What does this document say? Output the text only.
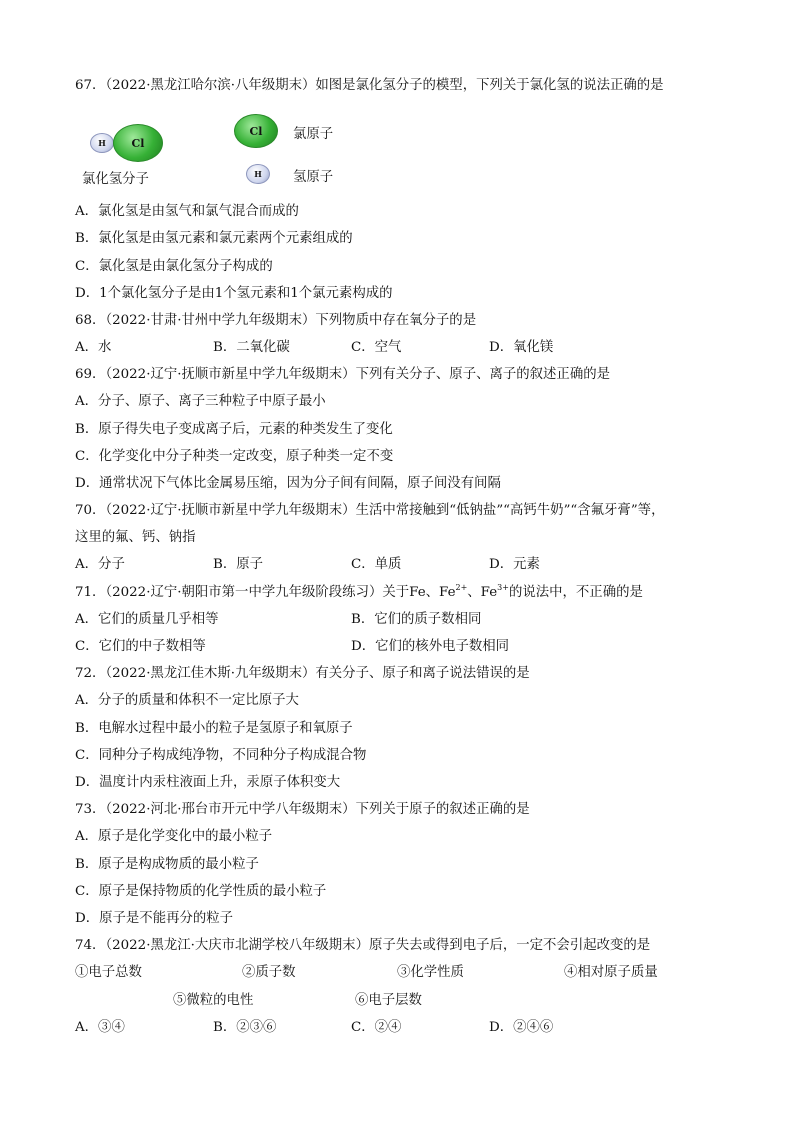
67．（2022·黑龙江哈尔滨·八年级期末）如图是氯化氢分子的模型，下列关于氯化氢的说法正确的是
H	Cl
氯化氢分子
Cl	氯原子
H	氢原子
A．氯化氢是由氢气和氯气混合而成的
B．氯化氢是由氢元素和氯元素两个元素组成的
C．氯化氢是由氯化氢分子构成的
D．1个氯化氢分子是由1个氢元素和1个氯元素构成的
68．（2022·甘肃·甘州中学九年级期末）下列物质中存在氧分子的是
A．水	B．二氧化碳	C．空气	D．氧化镁
69．（2022·辽宁·抚顺市新星中学九年级期末）下列有关分子、原子、离子的叙述正确的是
A．分子、原子、离子三种粒子中原子最小
B．原子得失电子变成离子后，元素的种类发生了变化
C．化学变化中分子种类一定改变，原子种类一定不变
D．通常状况下气体比金属易压缩，因为分子间有间隔，原子间没有间隔
70．（2022·辽宁·抚顺市新星中学九年级期末）生活中常接触到“低钠盐”“高钙牛奶”“含氟牙膏”等，
这里的氟、钙、钠指
A．分子	B．原子	C．单质	D．元素
71．（2022·辽宁·朝阳市第一中学九年级阶段练习）关于Fe、$Fe^{2+}$、$Fe^{3+}$的说法中，不正确的是
A．它们的质量几乎相等	B．它们的质子数相同
C．它们的中子数相等	D．它们的核外电子数相同
72．（2022·黑龙江佳木斯·九年级期末）有关分子、原子和离子说法错误的是
A．分子的质量和体积不一定比原子大
B．电解水过程中最小的粒子是氢原子和氧原子
C．同种分子构成纯净物，不同种分子构成混合物
D．温度计内汞柱液面上升，汞原子体积变大
73．（2022·河北·邢台市开元中学八年级期末）下列关于原子的叙述正确的是
A．原子是化学变化中的最小粒子
B．原子是构成物质的最小粒子
C．原子是保持物质的化学性质的最小粒子
D．原子是不能再分的粒子
74．（2022·黑龙江·大庆市北湖学校八年级期末）原子失去或得到电子后，一定不会引起改变的是
①电子总数	②质子数	③化学性质	④相对原子质量
⑤微粒的电性	⑥电子层数
A．③④	B．②③⑥	C．②④	D．②④⑥
